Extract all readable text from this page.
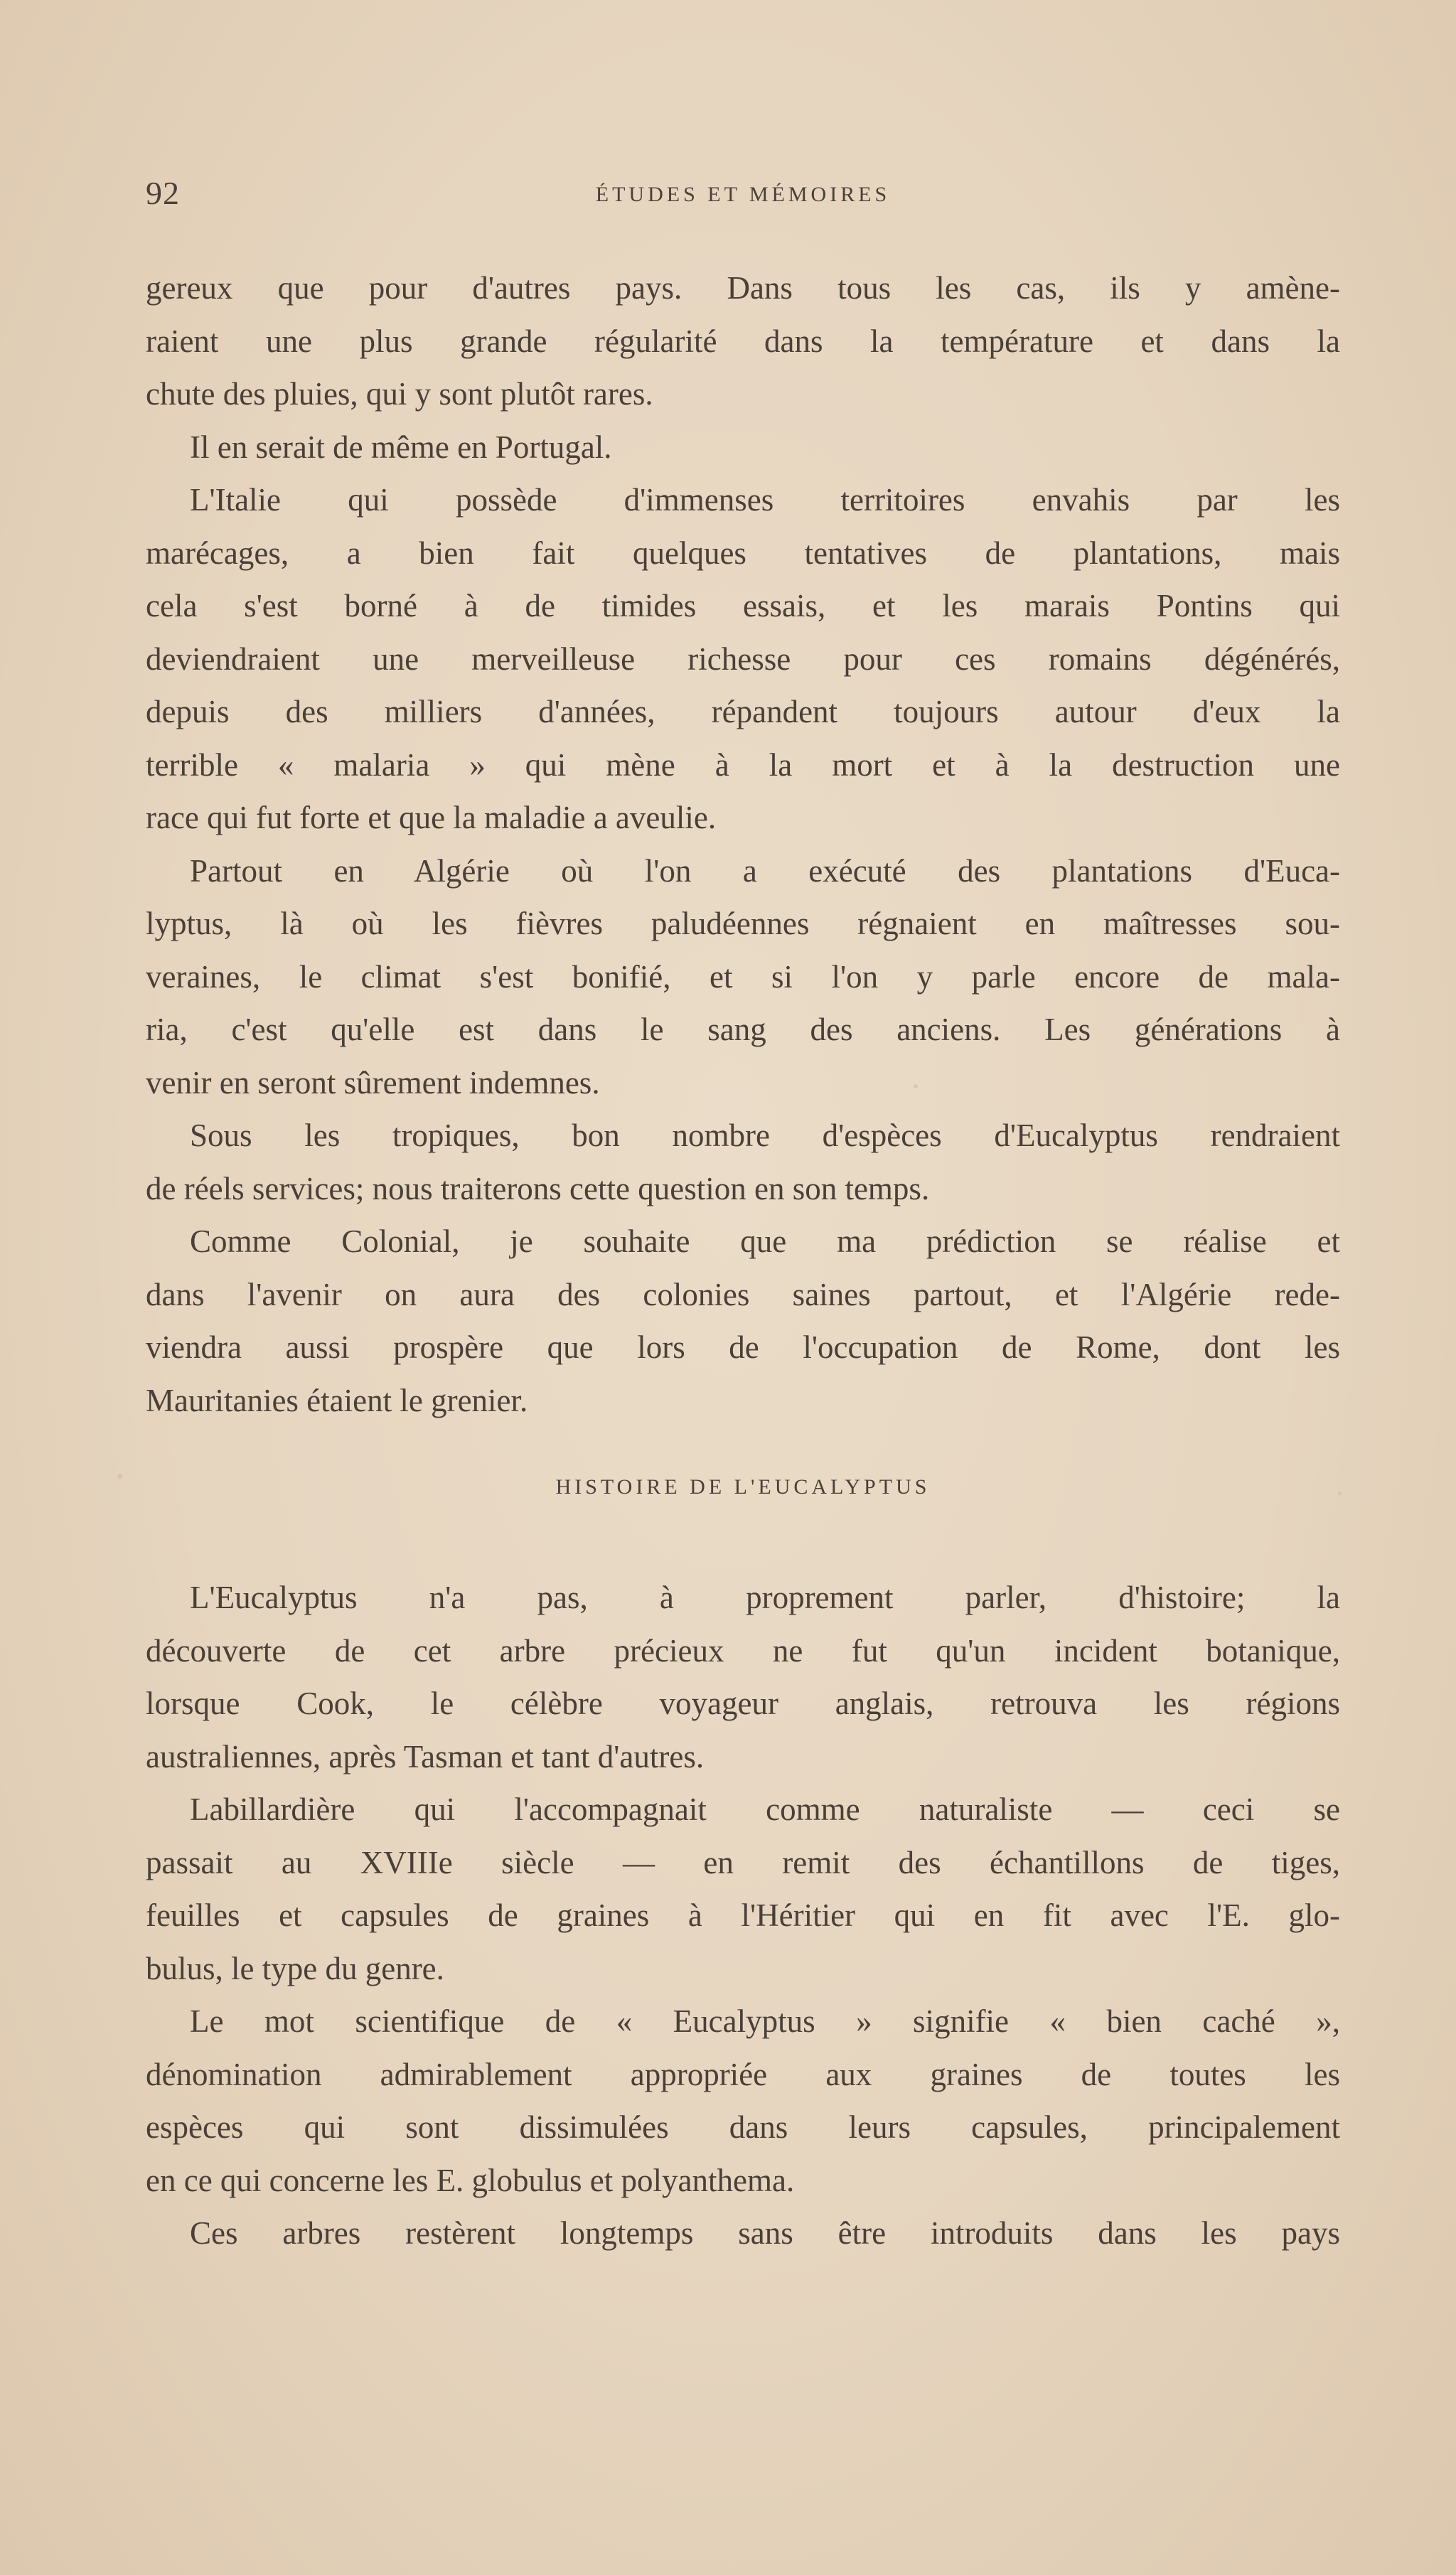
92	ÉTUDES ET MÉMOIRES
gereux que pour d'autres pays. Dans tous les cas, ils y amène-
raient une plus grande régularité dans la température et dans la
chute des pluies, qui y sont plutôt rares.
Il en serait de même en Portugal.
L'Italie qui possède d'immenses territoires envahis par les
marécages, a bien fait quelques tentatives de plantations, mais
cela s'est borné à de timides essais, et les marais Pontins qui
deviendraient une merveilleuse richesse pour ces romains dégénérés,
depuis des milliers d'années, répandent toujours autour d'eux la
terrible « malaria » qui mène à la mort et à la destruction une
race qui fut forte et que la maladie a aveulie.
Partout en Algérie où l'on a exécuté des plantations d'Euca-
lyptus, là où les fièvres paludéennes régnaient en maîtresses sou-
veraines, le climat s'est bonifié, et si l'on y parle encore de mala-
ria, c'est qu'elle est dans le sang des anciens. Les générations à
venir en seront sûrement indemnes.
Sous les tropiques, bon nombre d'espèces d'Eucalyptus rendraient
de réels services; nous traiterons cette question en son temps.
Comme Colonial, je souhaite que ma prédiction se réalise et
dans l'avenir on aura des colonies saines partout, et l'Algérie rede-
viendra aussi prospère que lors de l'occupation de Rome, dont les
Mauritanies étaient le grenier.
HISTOIRE DE L'EUCALYPTUS
L'Eucalyptus n'a pas, à proprement parler, d'histoire; la
découverte de cet arbre précieux ne fut qu'un incident botanique,
lorsque Cook, le célèbre voyageur anglais, retrouva les régions
australiennes, après Tasman et tant d'autres.
Labillardière qui l'accompagnait comme naturaliste — ceci se
passait au XVIIIe siècle — en remit des échantillons de tiges,
feuilles et capsules de graines à l'Héritier qui en fit avec l'E. glo-
bulus, le type du genre.
Le mot scientifique de « Eucalyptus » signifie « bien caché »,
dénomination admirablement appropriée aux graines de toutes les
espèces qui sont dissimulées dans leurs capsules, principalement
en ce qui concerne les E. globulus et polyanthema.
Ces arbres restèrent longtemps sans être introduits dans les pays
